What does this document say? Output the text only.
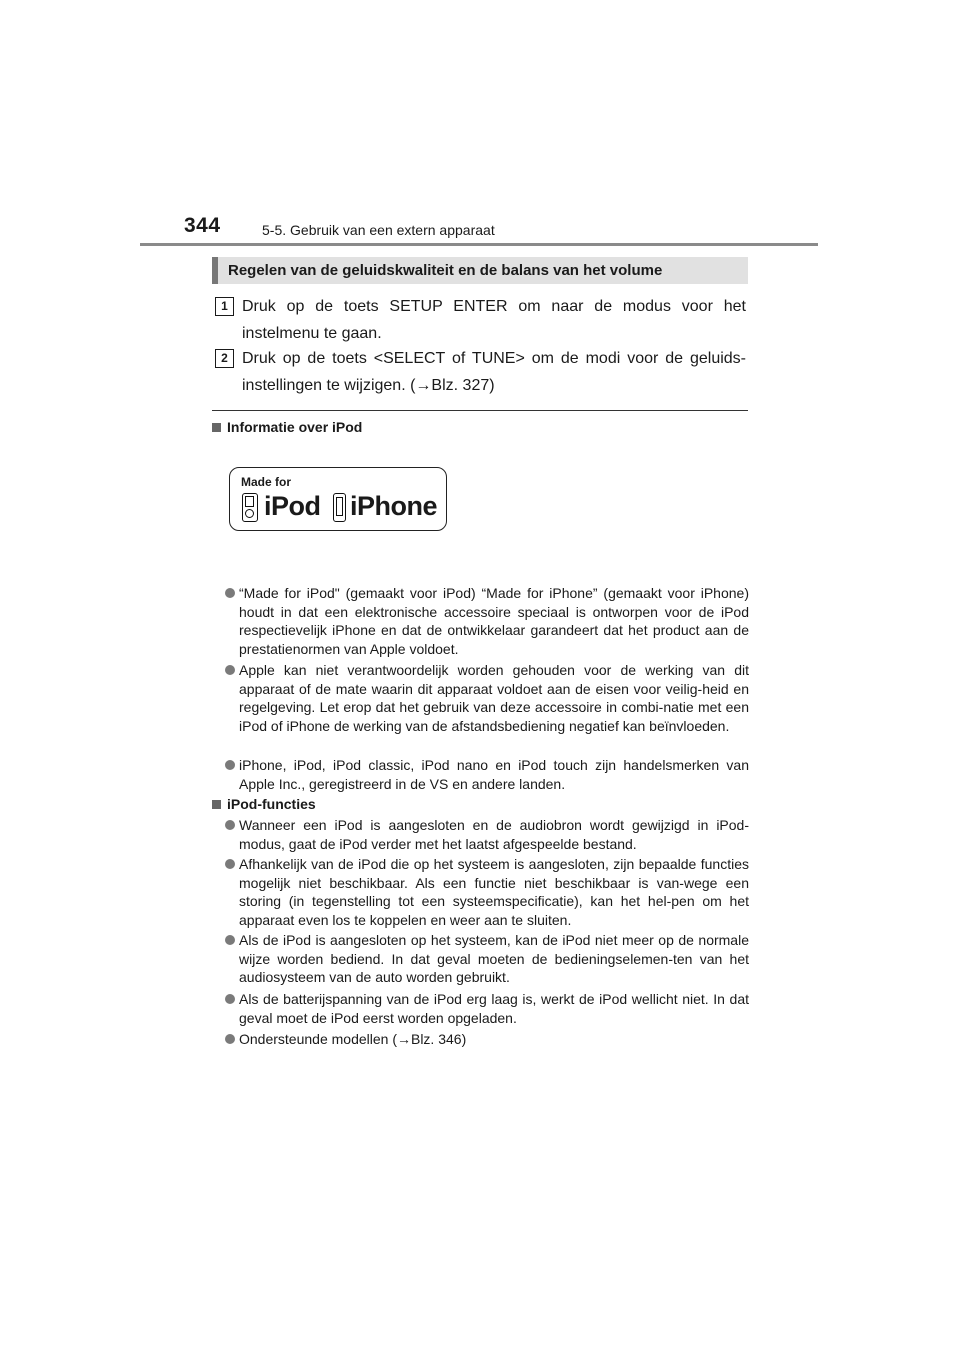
344	5-5. Gebruik van een extern apparaat
Regelen van de geluidskwaliteit en de balans van het volume
1 Druk op de toets SETUP ENTER om naar de modus voor het instelmenu te gaan.
2 Druk op de toets <SELECT of TUNE> om de modi voor de geluids-instellingen te wijzigen. (→Blz. 327)
Informatie over iPod
Made for
iPod iPhone
“Made for iPod" (gemaakt voor iPod) “Made for iPhone” (gemaakt voor iPhone) houdt in dat een elektronische accessoire speciaal is ontworpen voor de iPod respectievelijk iPhone en dat de ontwikkelaar garandeert dat het product aan de prestatienormen van Apple voldoet.
Apple kan niet verantwoordelijk worden gehouden voor de werking van dit apparaat of de mate waarin dit apparaat voldoet aan de eisen voor veilig-heid en regelgeving. Let erop dat het gebruik van deze accessoire in combi-natie met een iPod of iPhone de werking van de afstandsbediening negatief kan beïnvloeden.
iPhone, iPod, iPod classic, iPod nano en iPod touch zijn handelsmerken van Apple Inc., geregistreerd in de VS en andere landen.
iPod-functies
Wanneer een iPod is aangesloten en de audiobron wordt gewijzigd in iPod-modus, gaat de iPod verder met het laatst afgespeelde bestand.
Afhankelijk van de iPod die op het systeem is aangesloten, zijn bepaalde functies mogelijk niet beschikbaar. Als een functie niet beschikbaar is van-wege een storing (in tegenstelling tot een systeemspecificatie), kan het hel-pen om het apparaat even los te koppelen en weer aan te sluiten.
Als de iPod is aangesloten op het systeem, kan de iPod niet meer op de normale wijze worden bediend. In dat geval moeten de bedieningselemen-ten van het audiosysteem van de auto worden gebruikt.
Als de batterijspanning van de iPod erg laag is, werkt de iPod wellicht niet. In dat geval moet de iPod eerst worden opgeladen.
Ondersteunde modellen (→Blz. 346)
